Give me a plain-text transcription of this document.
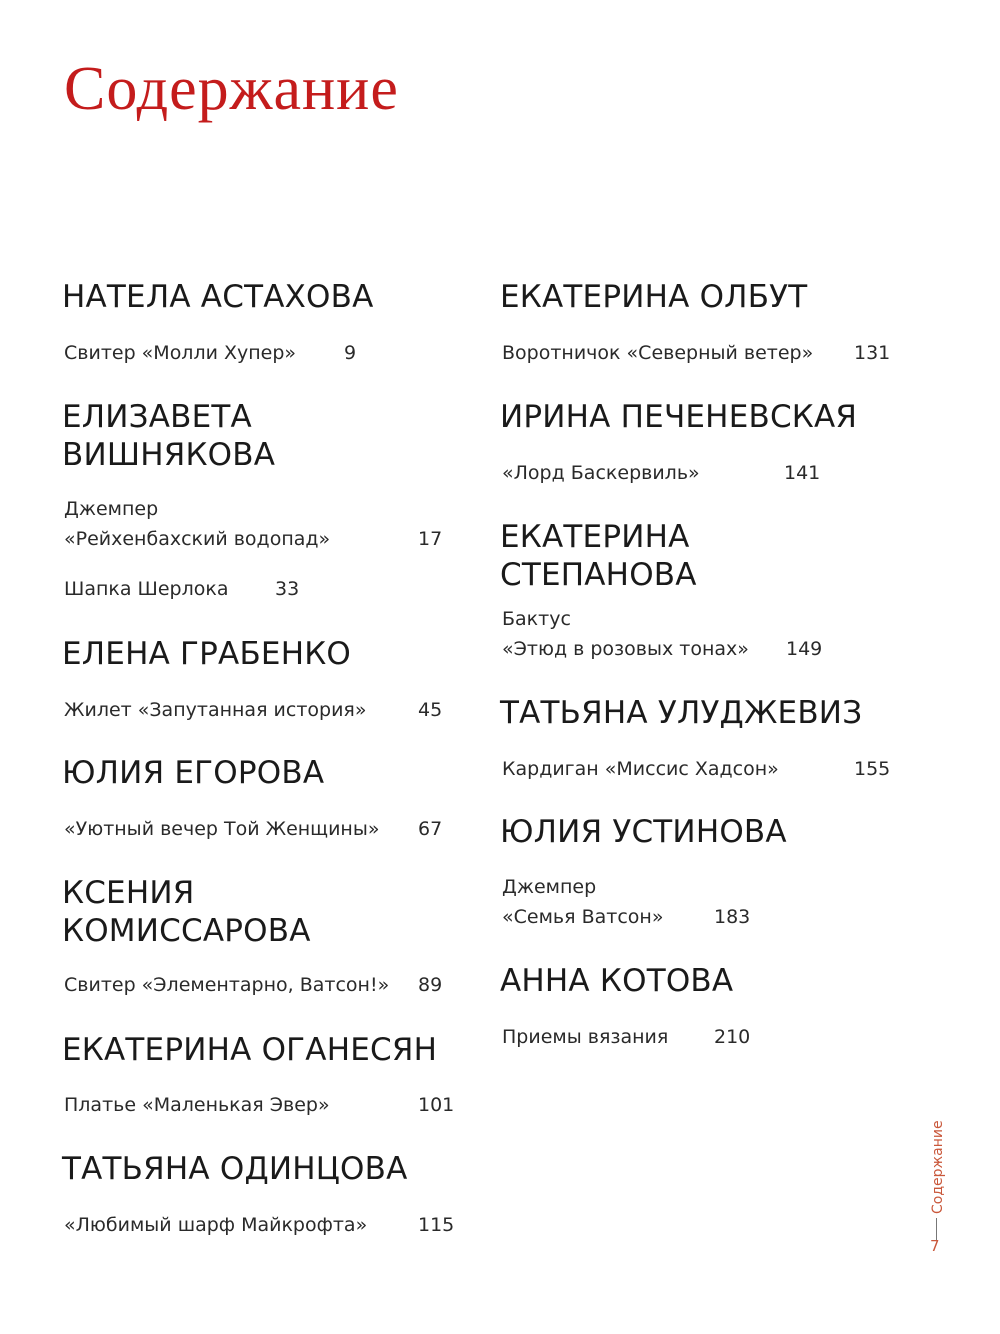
Содержание
НАТЕЛА АСТАХОВА
Свитер «Молли Хупер»	9
ЕЛИЗАВЕТА
ВИШНЯКОВА
Джемпер
«Рейхенбахский водопад»	17
Шапка Шерлока 33
ЕЛЕНА ГРАБЕНКО
Жилет «Запутанная история»	45
ЮЛИЯ ЕГОРОВА
«Уютный вечер Той Женщины» 67
КСЕНИЯ
КОМИССАРОВА
Свитер «Элементарно, Ватсон!» 89
ЕКАТЕРИНА ОГАНЕСЯН
Платье «Маленькая Эвер»	101
ТАТЬЯНА ОДИНЦОВА
«Любимый шарф Майкрофта»	115
ЕКАТЕРИНА ОЛБУТ
Воротничок «Северный ветер» 131
ИРИНА ПЕЧЕНЕВСКАЯ
«Лорд Баскервиль»	141
ЕКАТЕРИНА
СТЕПАНОВА
Бактус
«Этюд в розовых тонах» 149
ТАТЬЯНА УЛУДЖЕВИЗ
Кардиган «Миссис Хадсон»	155
ЮЛИЯ УСТИНОВА
Джемпер
«Семья Ватсон»	183
АННА КОТОВА
Приемы вязания 210
Содержание
7
